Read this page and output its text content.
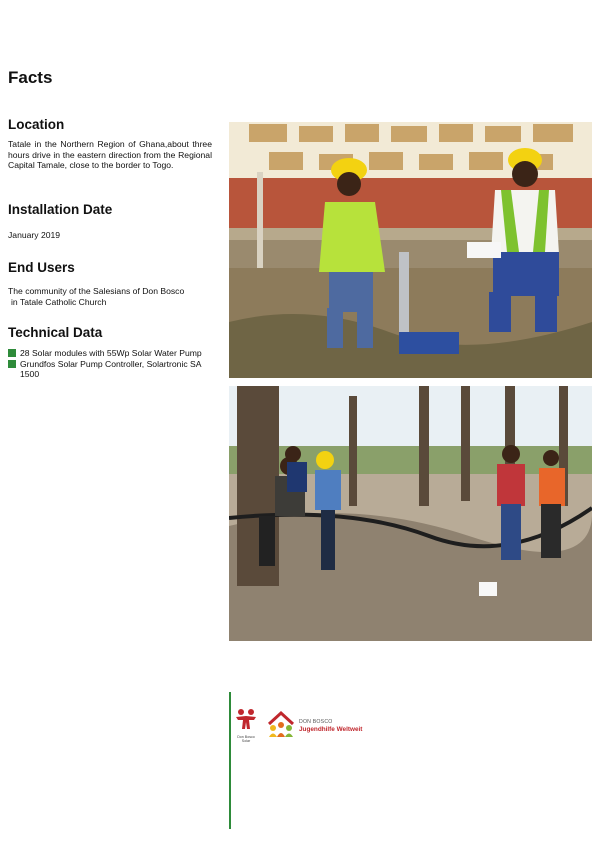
Facts
Location

Tatale in the Northern Region of Ghana,about three hours drive in the eastern direction from the Regional Capital Tamale, close to the border to Togo.

Installation Date

January 2019

End Users

The community of the Salesians of Don Bosco
in Tatale Catholic Church

Technical Data
28 Solar modules with 55Wp Solar Water Pump
Grundfos Solar Pump Controller, Solartronic SA 1500
Don Bosco
Solar
DON BOSCO
Jugendhilfe Weltweit
